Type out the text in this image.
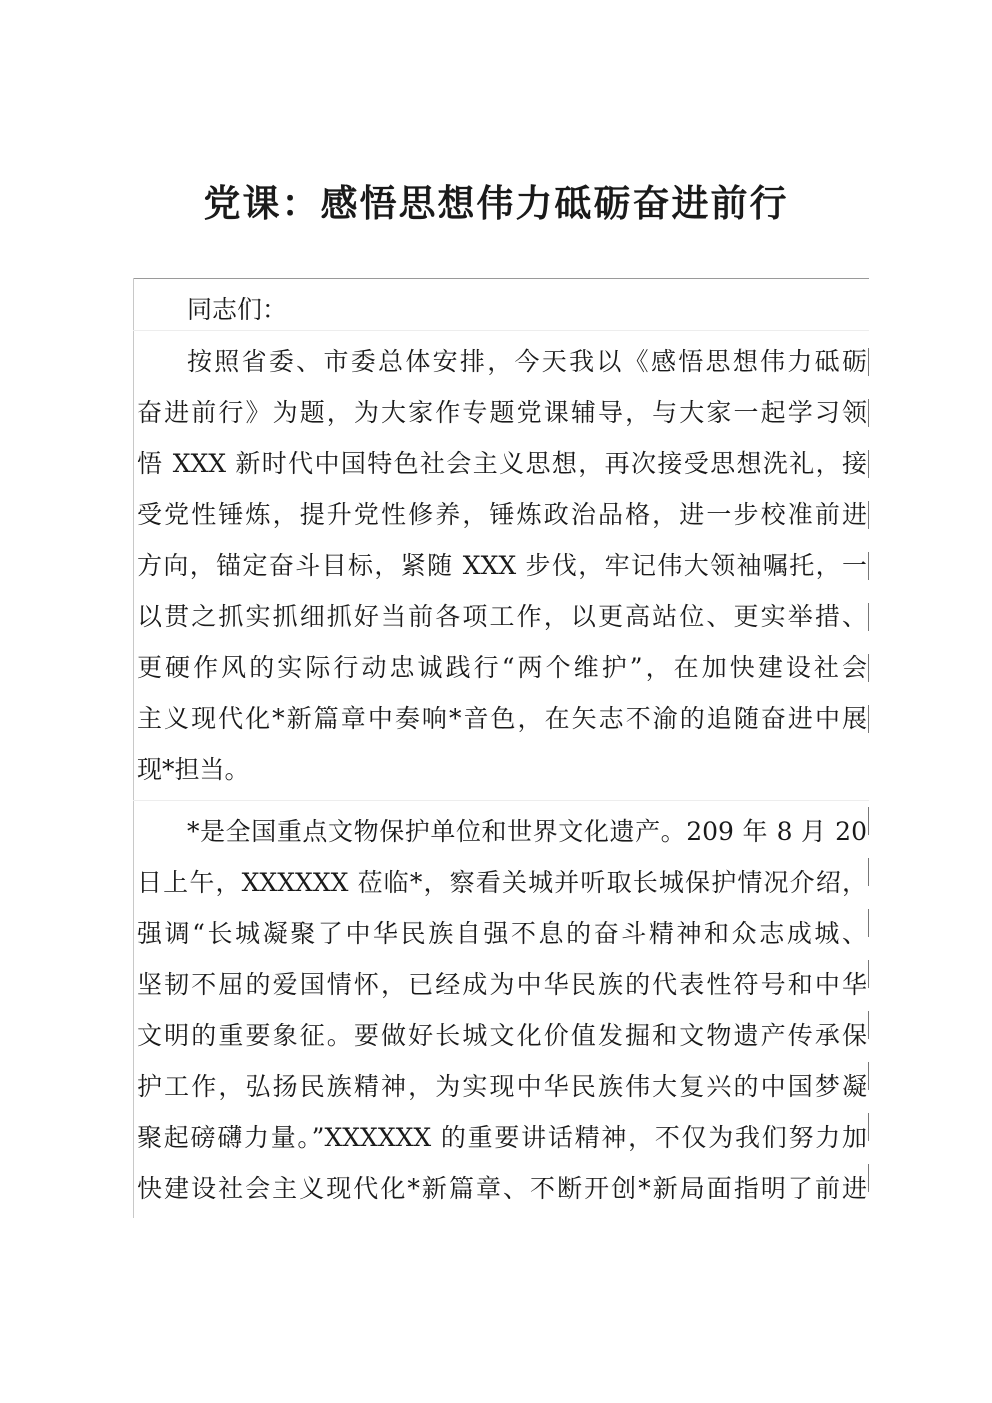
党课：感悟思想伟力砥砺奋进前行
同志们：
按照省委、市委总体安排，今天我以《感悟思想伟力砥砺
奋进前行》为题，为大家作专题党课辅导，与大家一起学习领
悟 XXX 新时代中国特色社会主义思想，再次接受思想洗礼，接
受党性锤炼，提升党性修养，锤炼政治品格，进一步校准前进
方向，锚定奋斗目标，紧随 XXX 步伐，牢记伟大领袖嘱托，一
以贯之抓实抓细抓好当前各项工作，以更高站位、更实举措、
更硬作风的实际行动忠诚践行“两个维护”，在加快建设社会
主义现代化*新篇章中奏响*音色，在矢志不渝的追随奋进中展
现*担当。
*是全国重点文物保护单位和世界文化遗产。209 年 8 月 20
日上午，XXXXXX 莅临*，察看关城并听取长城保护情况介绍，
强调“长城凝聚了中华民族自强不息的奋斗精神和众志成城、
坚韧不屈的爱国情怀，已经成为中华民族的代表性符号和中华
文明的重要象征。要做好长城文化价值发掘和文物遗产传承保
护工作，弘扬民族精神，为实现中华民族伟大复兴的中国梦凝
聚起磅礴力量。”XXXXXX 的重要讲话精神，不仅为我们努力加
快建设社会主义现代化*新篇章、不断开创*新局面指明了前进
